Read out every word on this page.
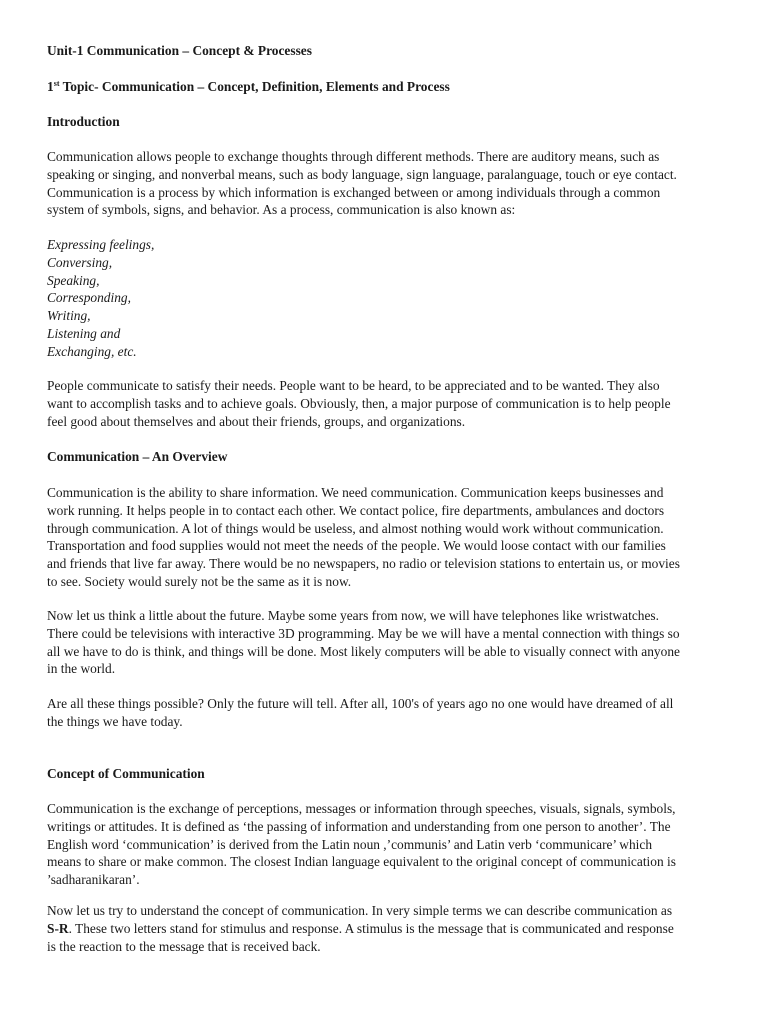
Unit-1 Communication – Concept & Processes

1st Topic- Communication – Concept, Definition, Elements and Process

Introduction

Communication allows people to exchange thoughts through different methods. There are auditory means, such as
speaking or singing, and nonverbal means, such as body language, sign language, paralanguage, touch or eye contact.
Communication is a process by which information is exchanged between or among individuals through a common
system of symbols, signs, and behavior. As a process, communication is also known as:

Expressing feelings,
Conversing,
Speaking,
Corresponding,
Writing,
Listening and
Exchanging, etc.

People communicate to satisfy their needs. People want to be heard, to be appreciated and to be wanted. They also
want to accomplish tasks and to achieve goals. Obviously, then, a major purpose of communication is to help people
feel good about themselves and about their friends, groups, and organizations.

Communication – An Overview

Communication is the ability to share information. We need communication. Communication keeps businesses and
work running. It helps people in to contact each other. We contact police, fire departments, ambulances and doctors
through communication. A lot of things would be useless, and almost nothing would work without communication.
Transportation and food supplies would not meet the needs of the people. We would loose contact with our families
and friends that live far away. There would be no newspapers, no radio or television stations to entertain us, or movies
to see. Society would surely not be the same as it is now.

Now let us think a little about the future. Maybe some years from now, we will have telephones like wristwatches.
There could be televisions with interactive 3D programming. May be we will have a mental connection with things so
all we have to do is think, and things will be done. Most likely computers will be able to visually connect with anyone
in the world.

Are all these things possible? Only the future will tell. After all, 100's of years ago no one would have dreamed of all
the things we have today.

Concept of Communication

Communication is the exchange of perceptions, messages or information through speeches, visuals, signals, symbols,
writings or attitudes. It is defined as ‘the passing of information and understanding from one person to another’. The
English word ‘communication’ is derived from the Latin noun ,’communis’ and Latin verb ‘communicare’ which
means to share or make common. The closest Indian language equivalent to the original concept of communication is
’sadharanikaran’.

Now let us try to understand the concept of communication. In very simple terms we can describe communication as
S-R. These two letters stand for stimulus and response. A stimulus is the message that is communicated and response
is the reaction to the message that is received back.
